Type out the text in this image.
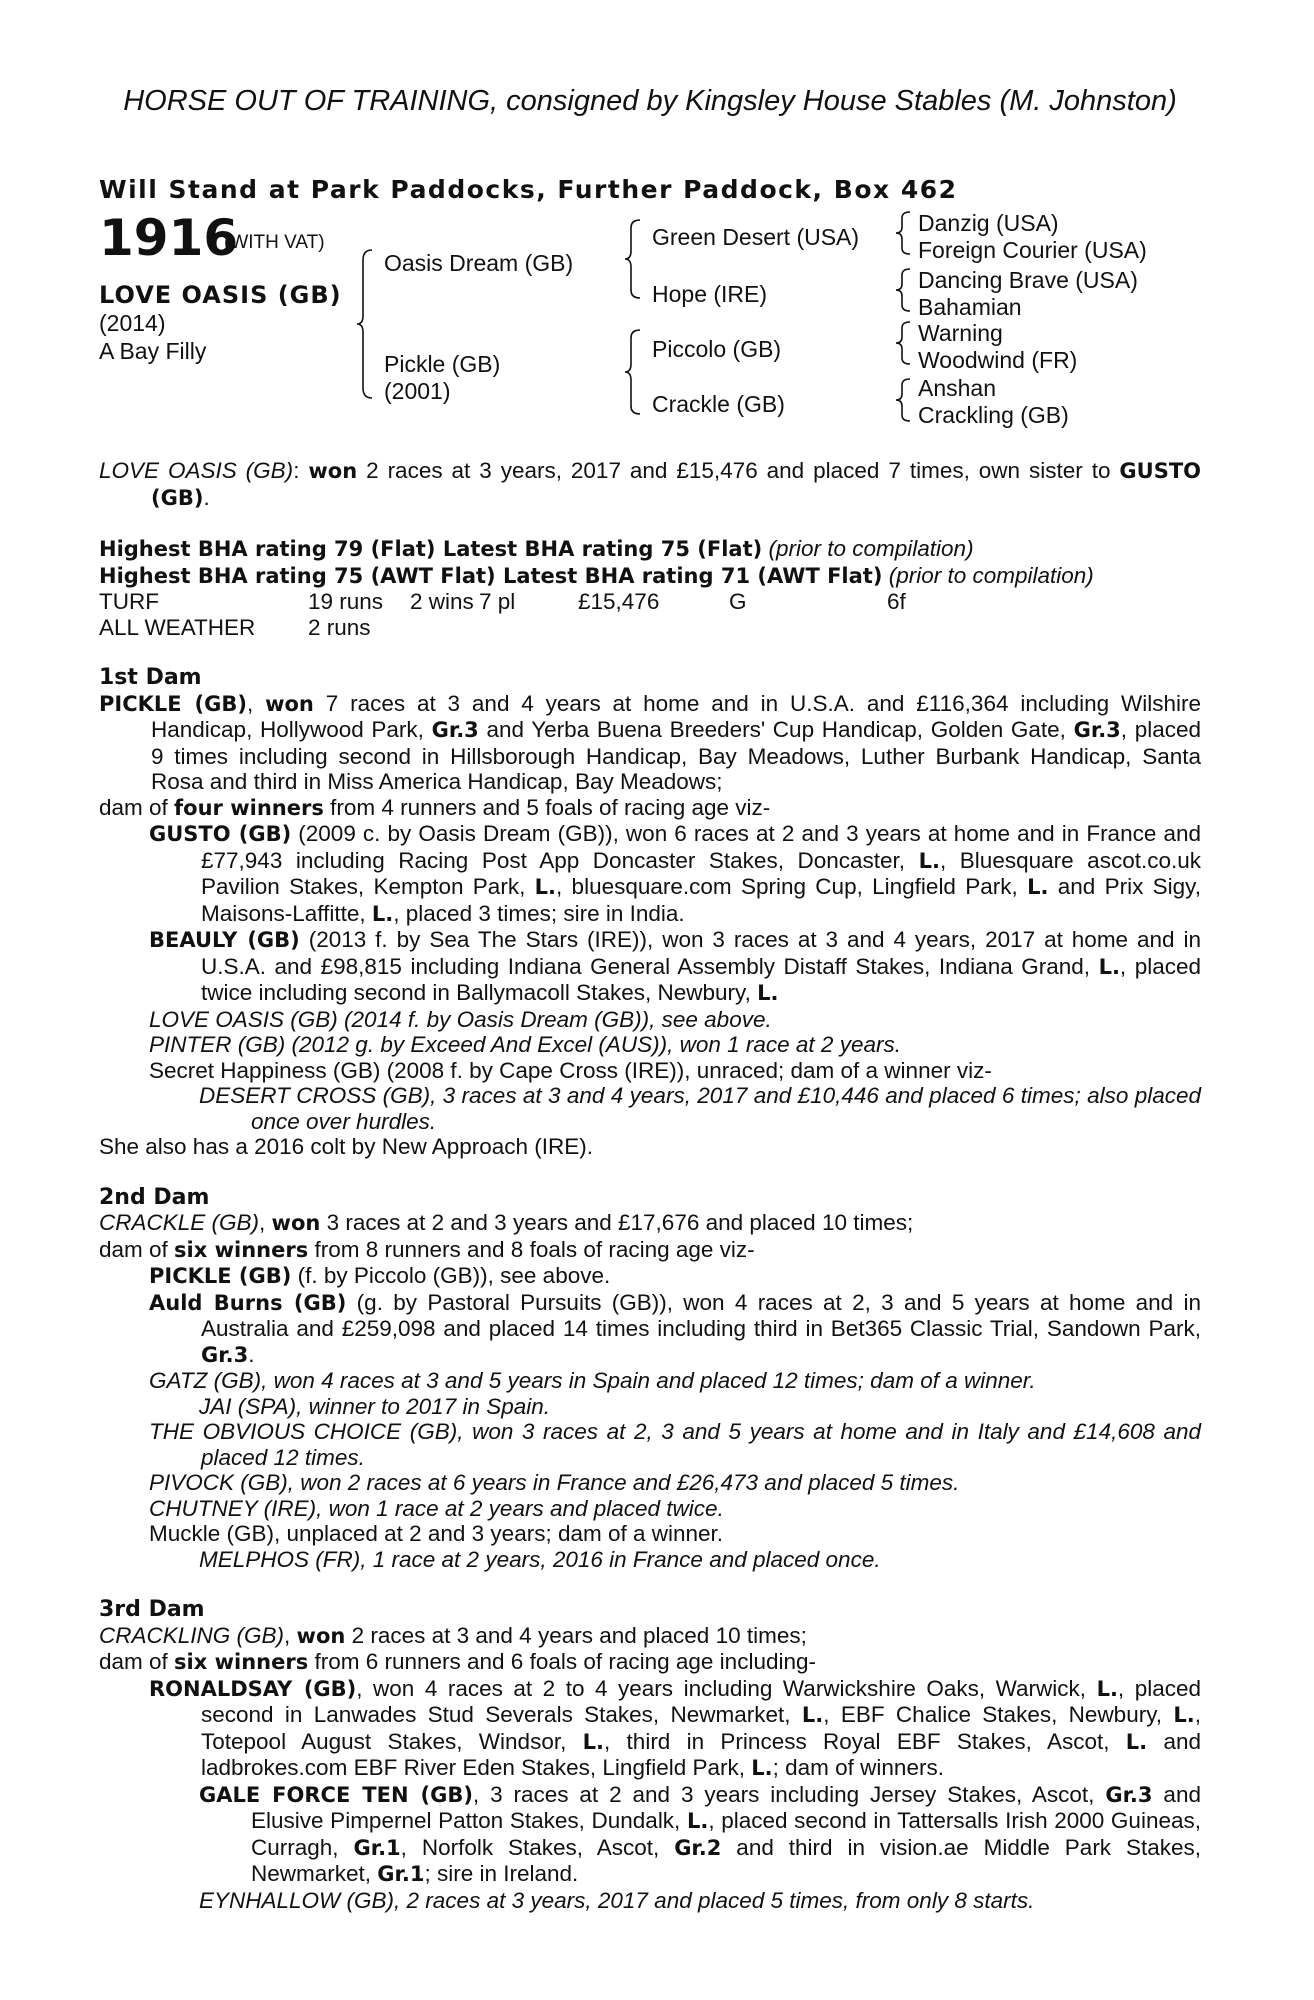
HORSE OUT OF TRAINING, consigned by Kingsley House Stables (M. Johnston)
Will Stand at Park Paddocks, Further Paddock, Box 462
1916
(WITH VAT)
LOVE OASIS (GB)
(2014)
A Bay Filly
Oasis Dream (GB)
Pickle (GB)
(2001)
Green Desert (USA)
Hope (IRE)
Piccolo (GB)
Crackle (GB)
Danzig (USA)
Foreign Courier (USA)
Dancing Brave (USA)
Bahamian
Warning
Woodwind (FR)
Anshan
Crackling (GB)
LOVE OASIS (GB): won 2 races at 3 years, 2017 and £15,476 and placed 7 times, own sister to GUSTO (GB).
Highest BHA rating 79 (Flat) Latest BHA rating 75 (Flat) (prior to compilation)
Highest BHA rating 75 (AWT Flat) Latest BHA rating 71 (AWT Flat) (prior to compilation)
TURF	19 runs 2 wins 7 pl	£15,476	G	6f
ALL WEATHER 2 runs
1st Dam
PICKLE (GB), won 7 races at 3 and 4 years at home and in U.S.A. and £116,364 including Wilshire Handicap, Hollywood Park, Gr.3 and Yerba Buena Breeders' Cup Handicap, Golden Gate, Gr.3, placed 9 times including second in Hillsborough Handicap, Bay Meadows, Luther Burbank Handicap, Santa Rosa and third in Miss America Handicap, Bay Meadows;
dam of four winners from 4 runners and 5 foals of racing age viz-
GUSTO (GB) (2009 c. by Oasis Dream (GB)), won 6 races at 2 and 3 years at home and in France and £77,943 including Racing Post App Doncaster Stakes, Doncaster, L., Bluesquare ascot.co.uk Pavilion Stakes, Kempton Park, L., bluesquare.com Spring Cup, Lingfield Park, L. and Prix Sigy, Maisons-Laffitte, L., placed 3 times; sire in India.
BEAULY (GB) (2013 f. by Sea The Stars (IRE)), won 3 races at 3 and 4 years, 2017 at home and in U.S.A. and £98,815 including Indiana General Assembly Distaff Stakes, Indiana Grand, L., placed twice including second in Ballymacoll Stakes, Newbury, L.
LOVE OASIS (GB) (2014 f. by Oasis Dream (GB)), see above.
PINTER (GB) (2012 g. by Exceed And Excel (AUS)), won 1 race at 2 years.
Secret Happiness (GB) (2008 f. by Cape Cross (IRE)), unraced; dam of a winner viz-
DESERT CROSS (GB), 3 races at 3 and 4 years, 2017 and £10,446 and placed 6 times; also placed once over hurdles.
She also has a 2016 colt by New Approach (IRE).
2nd Dam
CRACKLE (GB), won 3 races at 2 and 3 years and £17,676 and placed 10 times;
dam of six winners from 8 runners and 8 foals of racing age viz-
PICKLE (GB) (f. by Piccolo (GB)), see above.
Auld Burns (GB) (g. by Pastoral Pursuits (GB)), won 4 races at 2, 3 and 5 years at home and in Australia and £259,098 and placed 14 times including third in Bet365 Classic Trial, Sandown Park, Gr.3.
GATZ (GB), won 4 races at 3 and 5 years in Spain and placed 12 times; dam of a winner.
JAI (SPA), winner to 2017 in Spain.
THE OBVIOUS CHOICE (GB), won 3 races at 2, 3 and 5 years at home and in Italy and £14,608 and placed 12 times.
PIVOCK (GB), won 2 races at 6 years in France and £26,473 and placed 5 times.
CHUTNEY (IRE), won 1 race at 2 years and placed twice.
Muckle (GB), unplaced at 2 and 3 years; dam of a winner.
MELPHOS (FR), 1 race at 2 years, 2016 in France and placed once.
3rd Dam
CRACKLING (GB), won 2 races at 3 and 4 years and placed 10 times;
dam of six winners from 6 runners and 6 foals of racing age including-
RONALDSAY (GB), won 4 races at 2 to 4 years including Warwickshire Oaks, Warwick, L., placed second in Lanwades Stud Severals Stakes, Newmarket, L., EBF Chalice Stakes, Newbury, L., Totepool August Stakes, Windsor, L., third in Princess Royal EBF Stakes, Ascot, L. and ladbrokes.com EBF River Eden Stakes, Lingfield Park, L.; dam of winners.
GALE FORCE TEN (GB), 3 races at 2 and 3 years including Jersey Stakes, Ascot, Gr.3 and Elusive Pimpernel Patton Stakes, Dundalk, L., placed second in Tattersalls Irish 2000 Guineas, Curragh, Gr.1, Norfolk Stakes, Ascot, Gr.2 and third in vision.ae Middle Park Stakes, Newmarket, Gr.1; sire in Ireland.
EYNHALLOW (GB), 2 races at 3 years, 2017 and placed 5 times, from only 8 starts.
